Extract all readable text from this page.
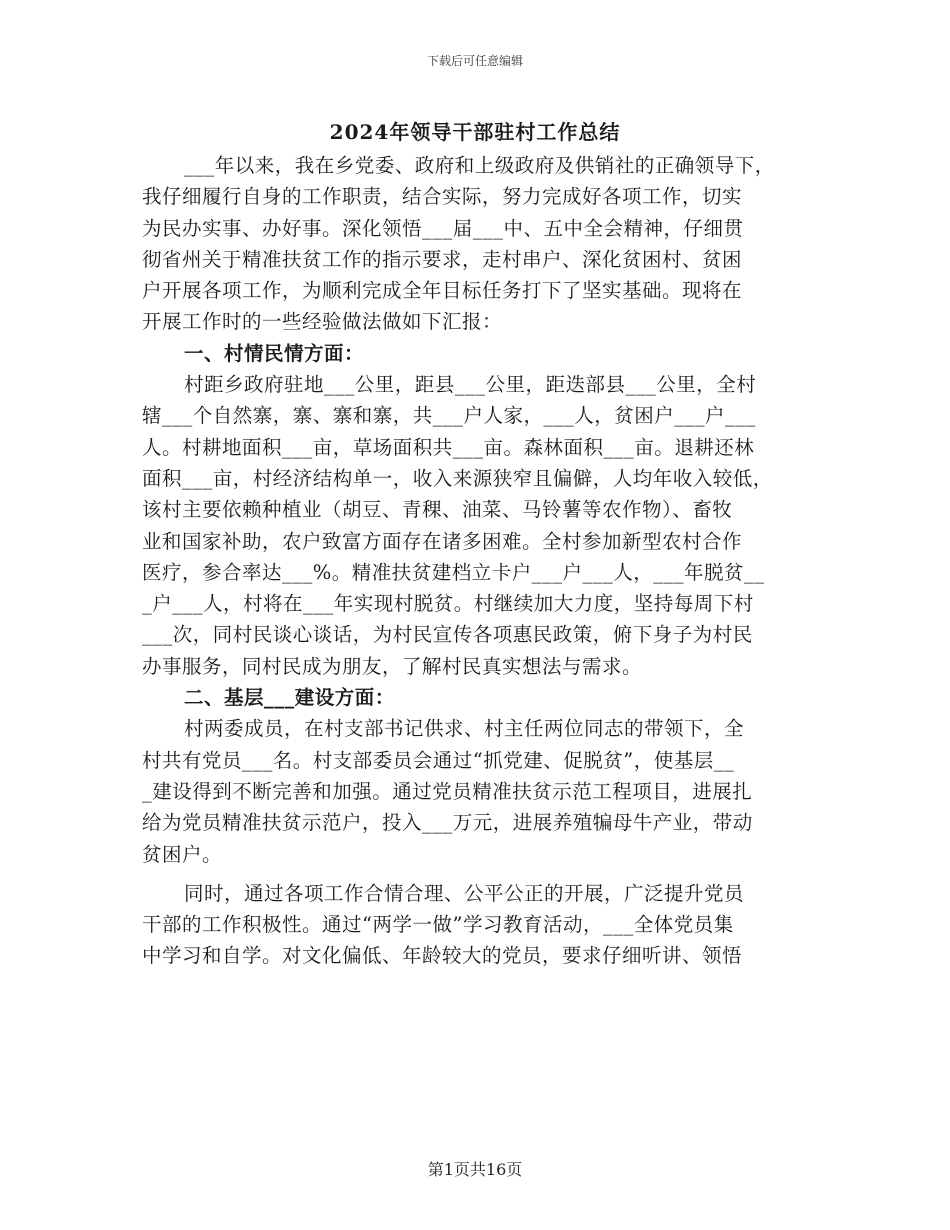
下载后可任意编辑
2024年领导干部驻村工作总结
___年以来，我在乡党委、政府和上级政府及供销社的正确领导下，
我仔细履行自身的工作职责，结合实际，努力完成好各项工作，切实
为民办实事、办好事。深化领悟___届___中、五中全会精神，仔细贯
彻省州关于精准扶贫工作的指示要求，走村串户、深化贫困村、贫困
户开展各项工作，为顺利完成全年目标任务打下了坚实基础。现将在
开展工作时的一些经验做法做如下汇报：
一、村情民情方面：
村距乡政府驻地___公里，距县___公里，距迭部县___公里，全村
辖___个自然寨，寨、寨和寨，共___户人家，___人，贫困户___户___
人。村耕地面积___亩，草场面积共___亩。森林面积___亩。退耕还林
面积___亩，村经济结构单一，收入来源狭窄且偏僻，人均年收入较低，
该村主要依赖种植业（胡豆、青稞、油菜、马铃薯等农作物）、畜牧
业和国家补助，农户致富方面存在诸多困难。全村参加新型农村合作
医疗，参合率达___%。精准扶贫建档立卡户___户___人，___年脱贫__
_户___人，村将在___年实现村脱贫。村继续加大力度，坚持每周下村
___次，同村民谈心谈话，为村民宣传各项惠民政策，俯下身子为村民
办事服务，同村民成为朋友，了解村民真实想法与需求。
二、基层___建设方面：
村两委成员，在村支部书记供求、村主任两位同志的带领下，全
村共有党员___名。村支部委员会通过“抓党建、促脱贫”，使基层__
_建设得到不断完善和加强。通过党员精准扶贫示范工程项目，进展扎
给为党员精准扶贫示范户，投入___万元，进展养殖犏母牛产业，带动
贫困户。
同时，通过各项工作合情合理、公平公正的开展，广泛提升党员
干部的工作积极性。通过“两学一做”学习教育活动，___全体党员集
中学习和自学。对文化偏低、年龄较大的党员，要求仔细听讲、领悟
第1页共16页
